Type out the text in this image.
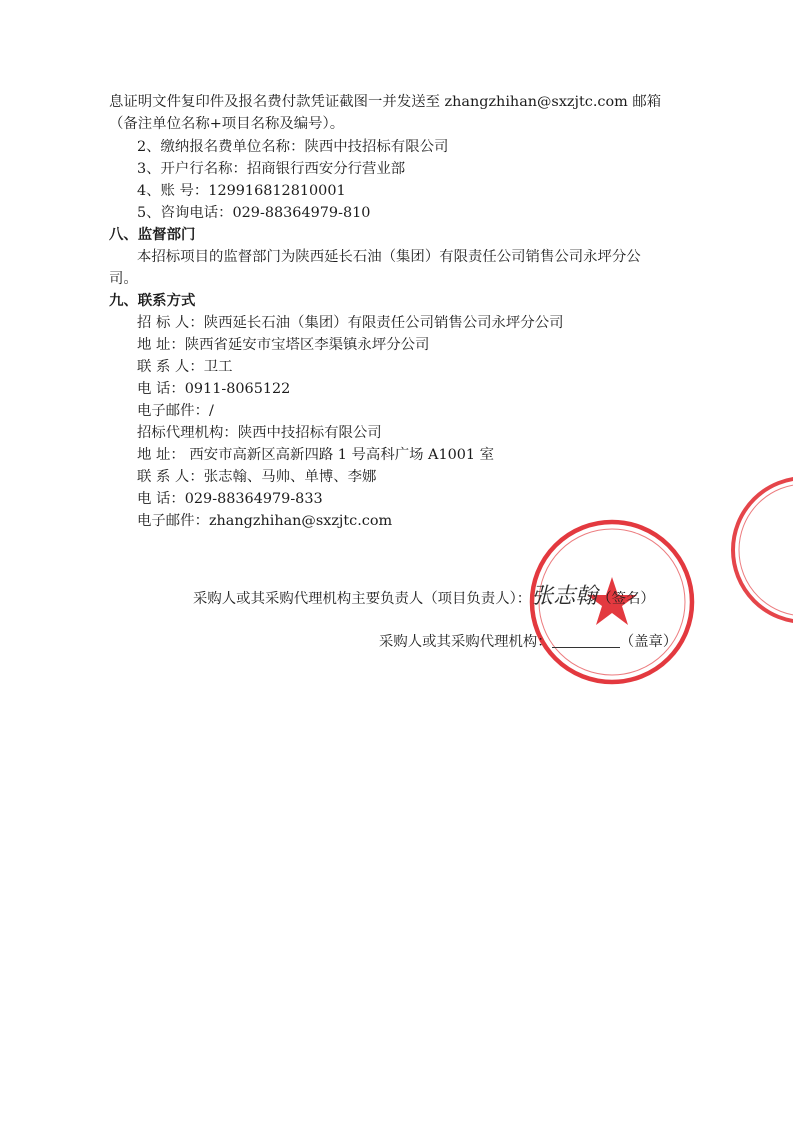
息证明文件复印件及报名费付款凭证截图一并发送至 zhangzhihan@sxzjtc.com 邮箱
（备注单位名称+项目名称及编号）。
2、缴纳报名费单位名称：陕西中技招标有限公司
3、开户行名称：招商银行西安分行营业部
4、账 号：129916812810001
5、咨询电话：029-88364979-810
八、监督部门
本招标项目的监督部门为陕西延长石油（集团）有限责任公司销售公司永坪分公
司。
九、联系方式
招 标 人：陕西延长石油（集团）有限责任公司销售公司永坪分公司
地 址：陕西省延安市宝塔区李渠镇永坪分公司
联 系 人：卫工
电 话：0911-8065122
电子邮件：/
招标代理机构：陕西中技招标有限公司
地 址： 西安市高新区高新四路 1 号高科广场 A1001 室
联 系 人：张志翰、马帅、单博、李娜
电 话：029-88364979-833
电子邮件：zhangzhihan@sxzjtc.com
采购人或其采购代理机构主要负责人（项目负责人）：张志翰（签名）
采购人或其采购代理机构：	（盖章）
